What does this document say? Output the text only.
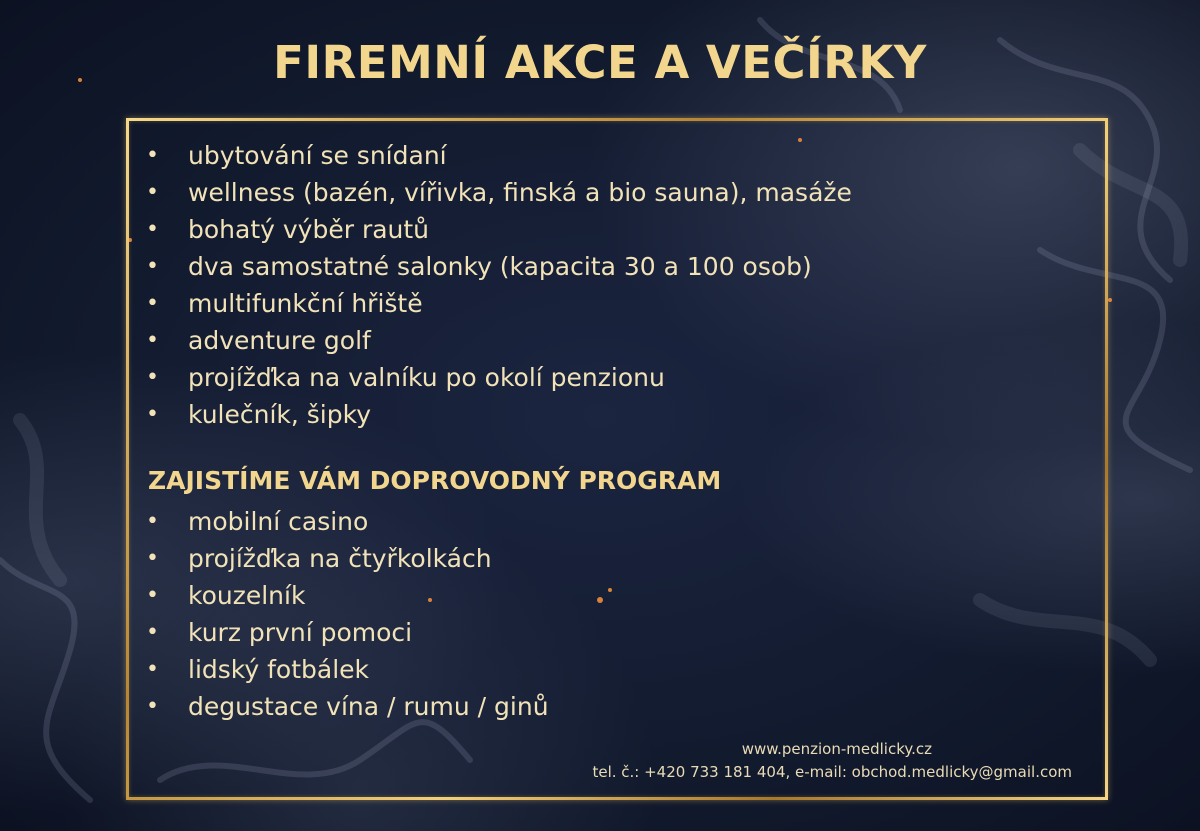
FIREMNÍ AKCE A VEČÍRKY
• ubytování se snídaní
• wellness (bazén, vířivka, finská a bio sauna), masáže
• bohatý výběr rautů
• dva samostatné salonky (kapacita 30 a 100 osob)
• multifunkční hřiště
• adventure golf
• projížďka na valníku po okolí penzionu
• kulečník, šipky
ZAJISTÍME VÁM DOPROVODNÝ PROGRAM
• mobilní casino
• projížďka na čtyřkolkách
• kouzelník
• kurz první pomoci
• lidský fotbálek
• degustace vína / rumu / ginů
www.penzion-medlicky.cz
tel. č.: +420 733 181 404, e-mail: obchod.medlicky@gmail.com
